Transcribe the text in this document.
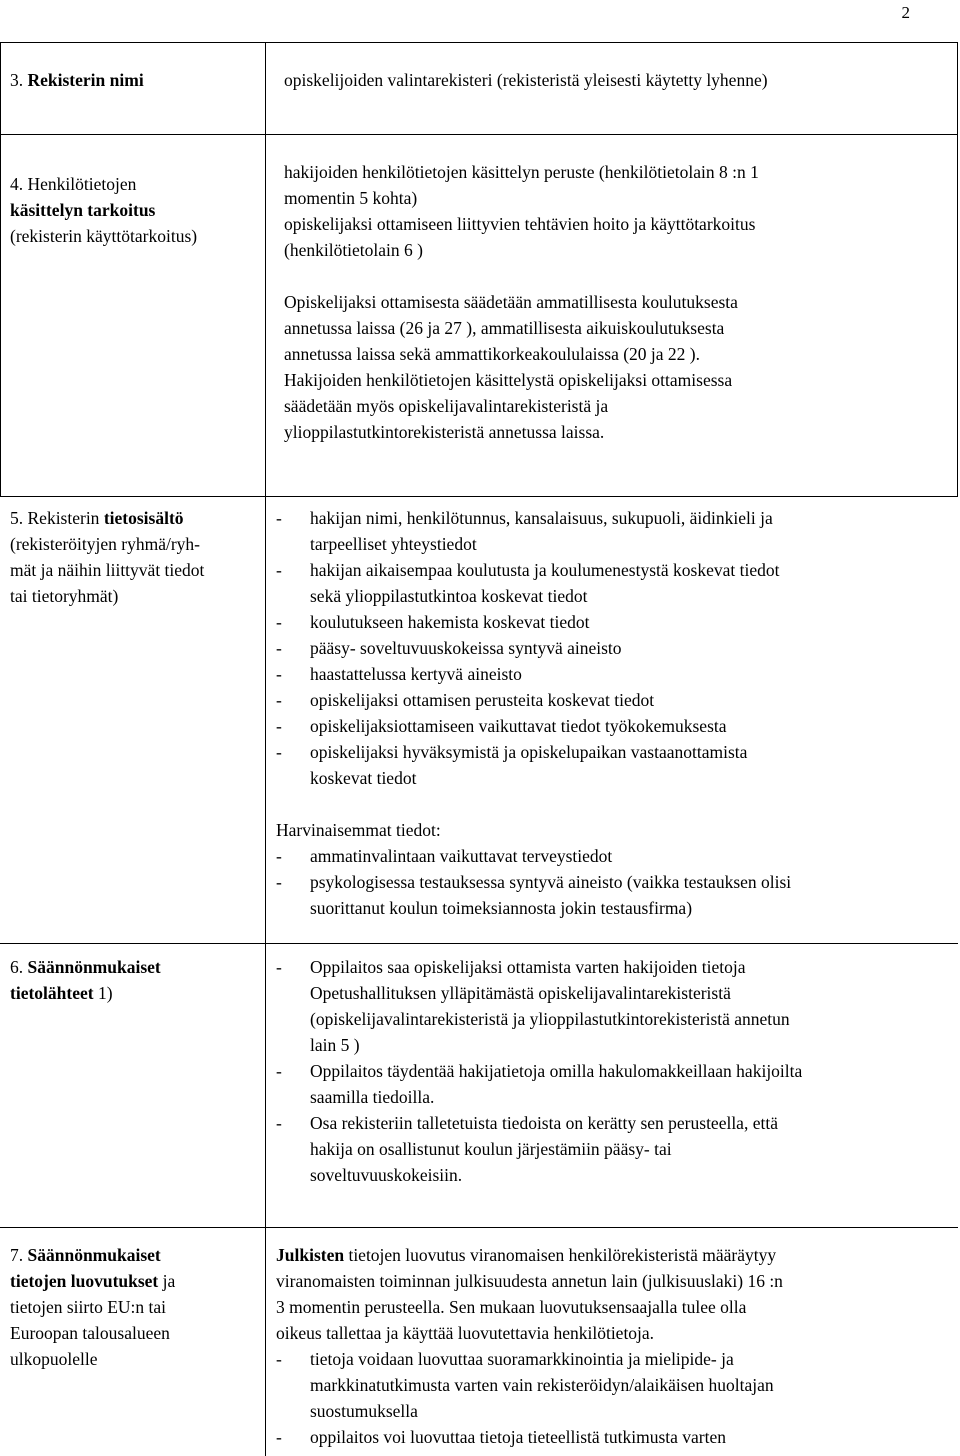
2
3. Rekisterin nimi	opiskelijoiden valintarekisteri (rekisteristä yleisesti käytetty lyhenne)
4. Henkilötietojen
käsittelyn tarkoitus
(rekisterin käyttötarkoitus)
hakijoiden henkilötietojen käsittelyn peruste (henkilötietolain 8 :n 1
momentin 5 kohta)
opiskelijaksi ottamiseen liittyvien tehtävien hoito ja käyttötarkoitus
(henkilötietolain 6 )
Opiskelijaksi ottamisesta säädetään ammatillisesta koulutuksesta
annetussa laissa (26 ja 27 ), ammatillisesta aikuiskoulutuksesta
annetussa laissa sekä ammattikorkeakoululaissa (20 ja 22 ).
Hakijoiden henkilötietojen käsittelystä opiskelijaksi ottamisessa
säädetään myös opiskelijavalintarekisteristä ja
ylioppilastutkintorekisteristä annetussa laissa.
5. Rekisterin tietosisältö
(rekisteröityjen ryhmä/ryh-
mät ja näihin liittyvät tiedot
tai tietoryhmät)
- hakijan nimi, henkilötunnus, kansalaisuus, sukupuoli, äidinkieli ja
tarpeelliset yhteystiedot
- hakijan aikaisempaa koulutusta ja koulumenestystä koskevat tiedot
sekä ylioppilastutkintoa koskevat tiedot
- koulutukseen hakemista koskevat tiedot
- pääsy- soveltuvuuskokeissa syntyvä aineisto
- haastattelussa kertyvä aineisto
- opiskelijaksi ottamisen perusteita koskevat tiedot
- opiskelijaksiottamiseen vaikuttavat tiedot työkokemuksesta
- opiskelijaksi hyväksymistä ja opiskelupaikan vastaanottamista
koskevat tiedot
Harvinaisemmat tiedot:
- ammatinvalintaan vaikuttavat terveystiedot
- psykologisessa testauksessa syntyvä aineisto (vaikka testauksen olisi
suorittanut koulun toimeksiannosta jokin testausfirma)
6. Säännönmukaiset
tietolähteet 1)
- Oppilaitos saa opiskelijaksi ottamista varten hakijoiden tietoja
Opetushallituksen ylläpitämästä opiskelijavalintarekisteristä
(opiskelijavalintarekisteristä ja ylioppilastutkintorekisteristä annetun
lain 5 )
- Oppilaitos täydentää hakijatietoja omilla hakulomakkeillaan hakijoilta
saamilla tiedoilla.
- Osa rekisteriin talletetuista tiedoista on kerätty sen perusteella, että
hakija on osallistunut koulun järjestämiin pääsy- tai
soveltuvuuskokeisiin.
7. Säännönmukaiset
tietojen luovutukset ja
tietojen siirto EU:n tai
Euroopan talousalueen
ulkopuolelle
Julkisten tietojen luovutus viranomaisen henkilörekisteristä määräytyy
viranomaisten toiminnan julkisuudesta annetun lain (julkisuuslaki) 16 :n
3 momentin perusteella. Sen mukaan luovutuksensaajalla tulee olla
oikeus tallettaa ja käyttää luovutettavia henkilötietoja.
- tietoja voidaan luovuttaa suoramarkkinointia ja mielipide- ja
markkinatutkimusta varten vain rekisteröidyn/alaikäisen huoltajan
suostumuksella
- oppilaitos voi luovuttaa tietoja tieteellistä tutkimusta varten
